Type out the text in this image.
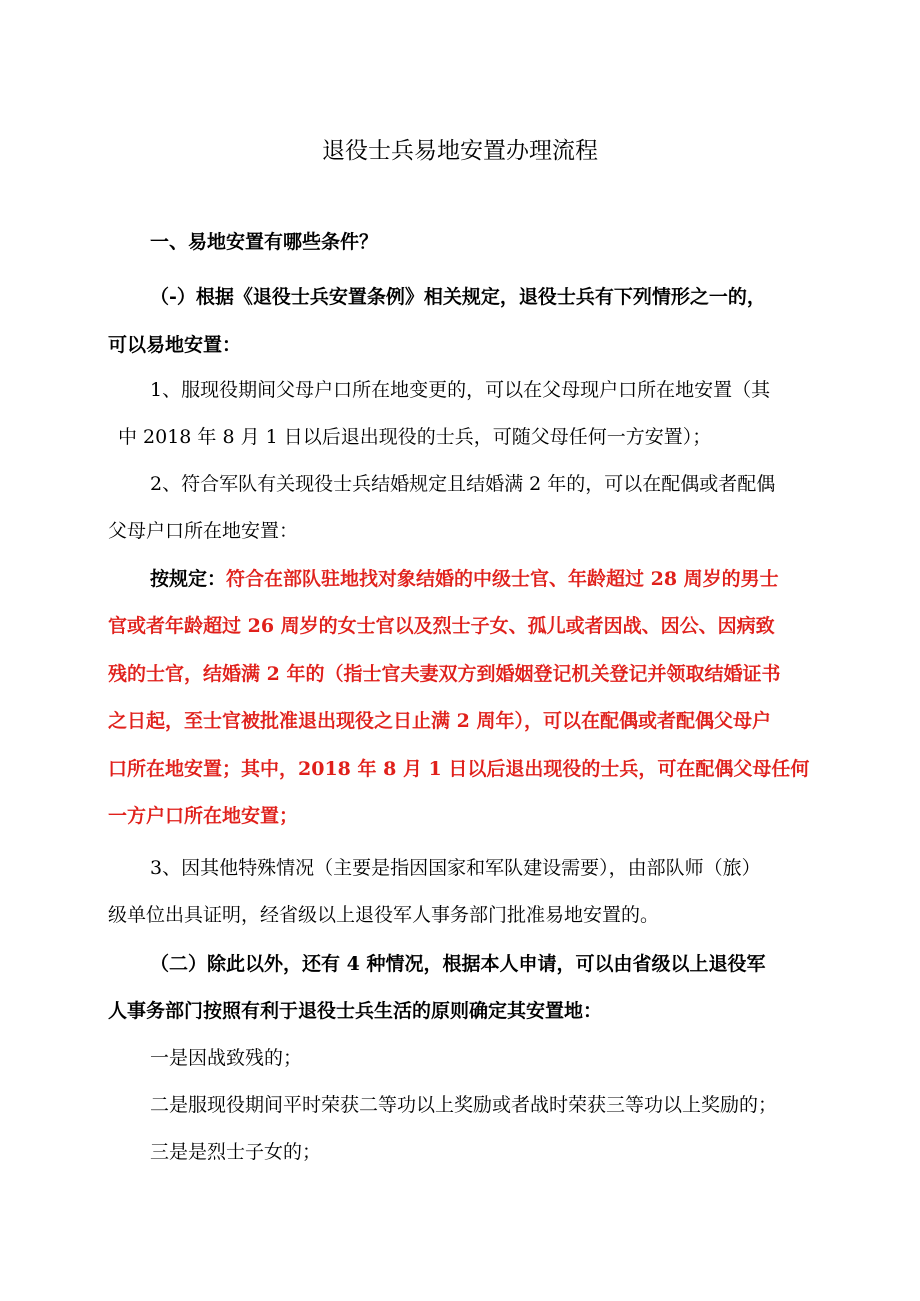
退役士兵易地安置办理流程
一、易地安置有哪些条件？
（-）根据《退役士兵安置条例》相关规定，退役士兵有下列情形之一的，
可以易地安置：
1、服现役期间父母户口所在地变更的，可以在父母现户口所在地安置（其
中 2018 年 8 月 1 日以后退出现役的士兵，可随父母任何一方安置）；
2、符合军队有关现役士兵结婚规定且结婚满 2 年的，可以在配偶或者配偶
父母户口所在地安置：
按规定：符合在部队驻地找对象结婚的中级士官、年龄超过 28 周岁的男士
官或者年龄超过 26 周岁的女士官以及烈士子女、孤儿或者因战、因公、因病致
残的士官，结婚满 2 年的（指士官夫妻双方到婚姻登记机关登记并领取结婚证书
之日起，至士官被批准退出现役之日止满 2 周年），可以在配偶或者配偶父母户
口所在地安置；其中，2018 年 8 月 1 日以后退出现役的士兵，可在配偶父母任何
一方户口所在地安置；
3、因其他特殊情况（主要是指因国家和军队建设需要），由部队师（旅）
级单位出具证明，经省级以上退役军人事务部门批准易地安置的。
（二）除此以外，还有 4 种情况，根据本人申请，可以由省级以上退役军
人事务部门按照有利于退役士兵生活的原则确定其安置地：
一是因战致残的；
二是服现役期间平时荣获二等功以上奖励或者战时荣获三等功以上奖励的；
三是是烈士子女的；
